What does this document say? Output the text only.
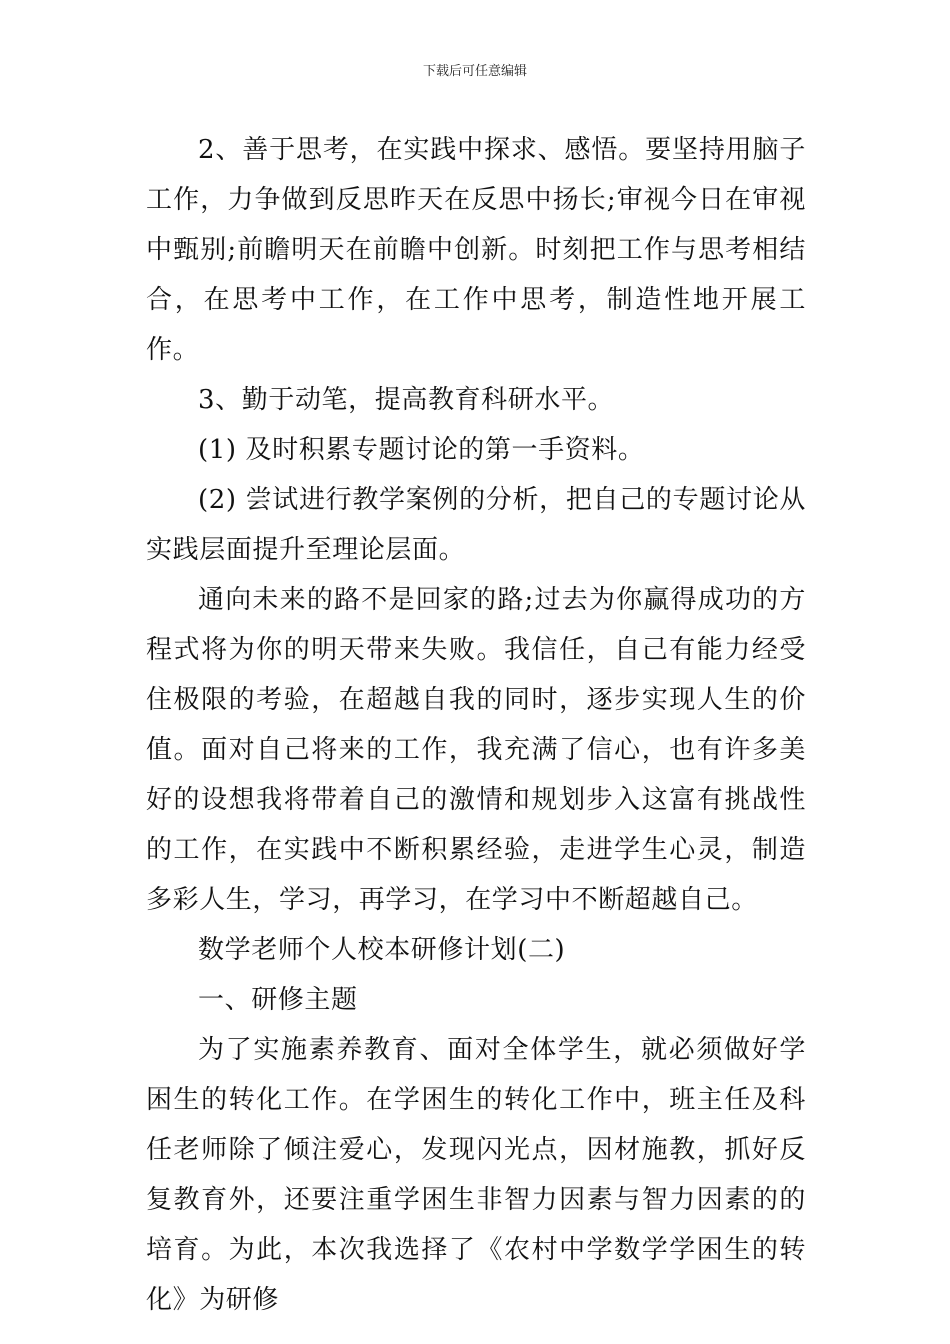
下载后可任意编辑

2、善于思考，在实践中探求、感悟。要坚持用脑子工作，力争做到反思昨天在反思中扬长;审视今日在审视中甄别;前瞻明天在前瞻中创新。时刻把工作与思考相结合，在思考中工作，在工作中思考，制造性地开展工作。

3、勤于动笔，提高教育科研水平。

(1) 及时积累专题讨论的第一手资料。

(2) 尝试进行教学案例的分析，把自己的专题讨论从实践层面提升至理论层面。

通向未来的路不是回家的路;过去为你赢得成功的方程式将为你的明天带来失败。我信任，自己有能力经受住极限的考验，在超越自我的同时，逐步实现人生的价值。面对自己将来的工作，我充满了信心，也有许多美好的设想我将带着自己的激情和规划步入这富有挑战性的工作，在实践中不断积累经验，走进学生心灵，制造多彩人生，学习，再学习，在学习中不断超越自己。

数学老师个人校本研修计划(二)

一、研修主题

为了实施素养教育、面对全体学生，就必须做好学困生的转化工作。在学困生的转化工作中，班主任及科任老师除了倾注爱心，发现闪光点，因材施教，抓好反复教育外，还要注重学困生非智力因素与智力因素的的培育。为此，本次我选择了《农村中学数学学困生的转化》为研修
